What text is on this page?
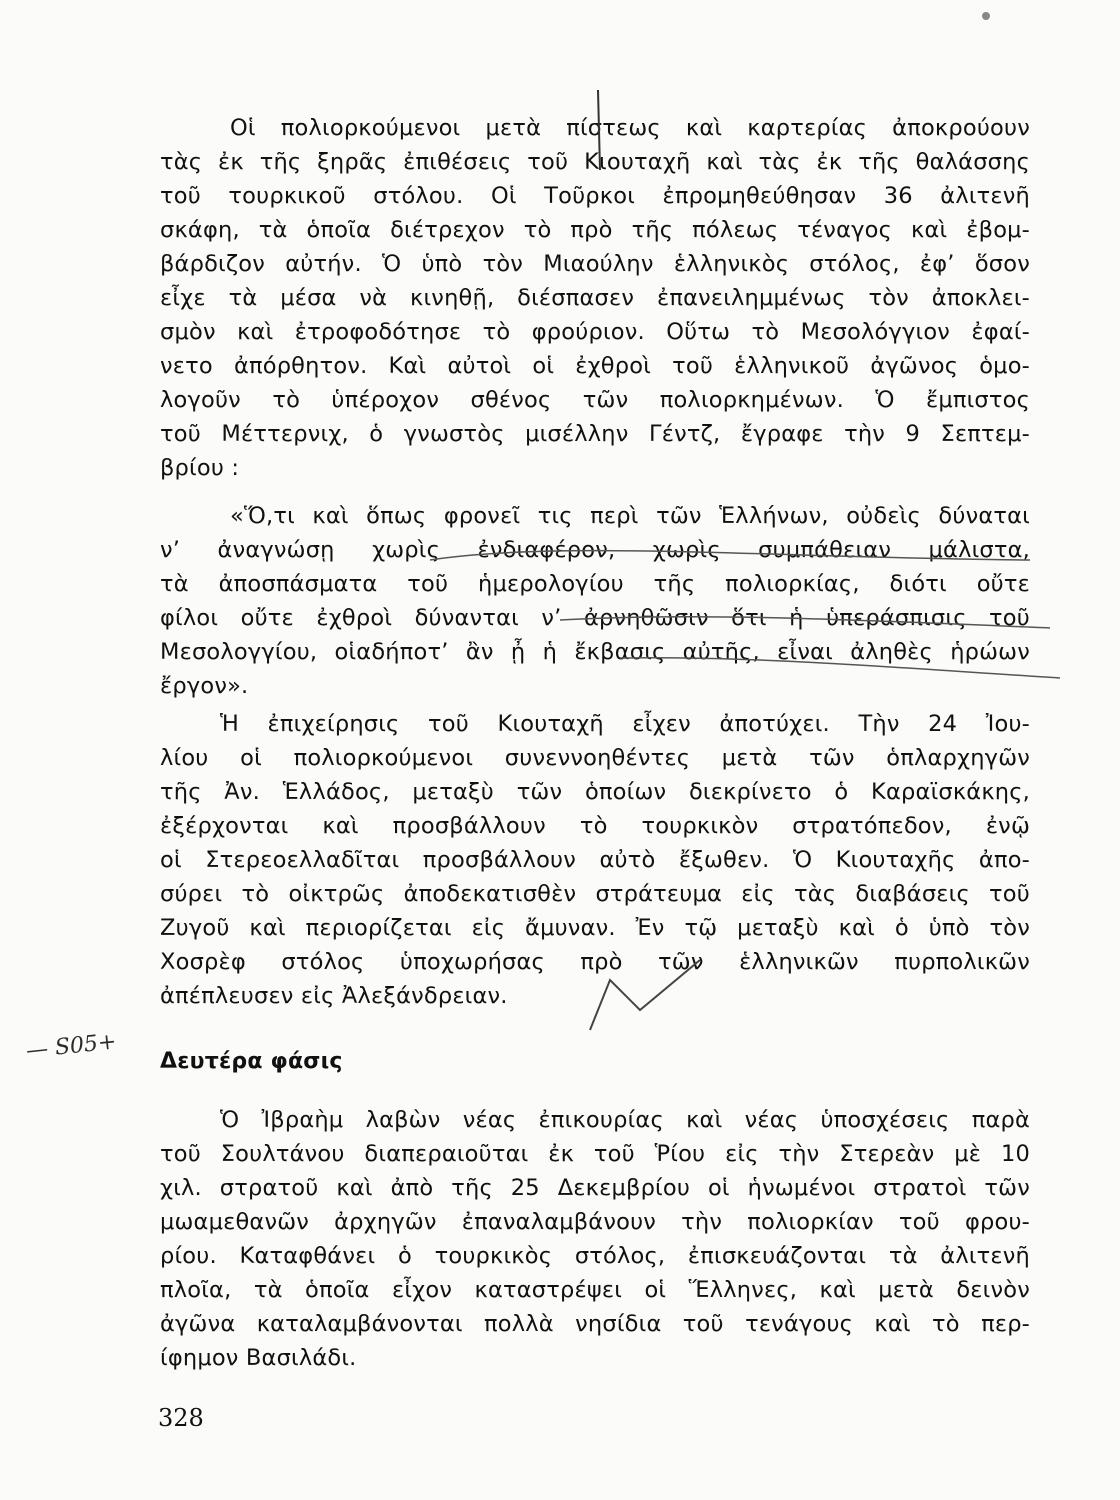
Οἱ πολιορκούμενοι μετὰ πίστεως καὶ καρτερίας ἀποκρούουν
τὰς ἐκ τῆς ξηρᾶς ἐπιθέσεις τοῦ Κιουταχῆ καὶ τὰς ἐκ τῆς θαλάσσης
τοῦ τουρκικοῦ στόλου. Οἱ Τοῦρκοι ἐπρομηθεύθησαν 36 ἀλιτενῆ
σκάφη, τὰ ὁποῖα διέτρεχον τὸ πρὸ τῆς πόλεως τέναγος καὶ ἐβομ-
βάρδιζον αὐτήν. Ὁ ὑπὸ τὸν Μιαούλην ἑλληνικὸς στόλος, ἐφ’ ὅσον
εἶχε τὰ μέσα νὰ κινηθῇ, διέσπασεν ἐπανειλημμένως τὸν ἀποκλει-
σμὸν καὶ ἐτροφοδότησε τὸ φρούριον. Οὕτω τὸ Μεσολόγγιον ἐφαί-
νετο ἀπόρθητον. Καὶ αὐτοὶ οἱ ἐχθροὶ τοῦ ἑλληνικοῦ ἀγῶνος ὁμο-
λογοῦν τὸ ὑπέροχον σθένος τῶν πολιορκημένων. Ὁ ἔμπιστος
τοῦ Μέττερνιχ, ὁ γνωστὸς μισέλλην Γέντζ, ἔγραφε τὴν 9 Σεπτεμ-
βρίου :
«Ὅ,τι καὶ ὅπως φρονεῖ τις περὶ τῶν Ἑλλήνων, οὐδεὶς δύναται
ν’ ἀναγνώσῃ χωρὶς ἐνδιαφέρον, χωρὶς συμπάθειαν μάλιστα,
τὰ ἀποσπάσματα τοῦ ἡμερολογίου τῆς πολιορκίας, διότι οὔτε
φίλοι οὔτε ἐχθροὶ δύνανται ν’ ἀρνηθῶσιν ὅτι ἡ ὑπεράσπισις τοῦ
Μεσολογγίου, οἱαδήποτ’ ἂν ᾖ ἡ ἔκβασις αὐτῆς, εἶναι ἀληθὲς ἡρώων
ἔργον».
Ἡ ἐπιχείρησις τοῦ Κιουταχῆ εἶχεν ἀποτύχει. Τὴν 24 Ἰου-
λίου οἱ πολιορκούμενοι συνεννοηθέντες μετὰ τῶν ὁπλαρχηγῶν
τῆς Ἀν. Ἑλλάδος, μεταξὺ τῶν ὁποίων διεκρίνετο ὁ Καραϊσκάκης,
ἐξέρχονται καὶ προσβάλλουν τὸ τουρκικὸν στρατόπεδον, ἐνῷ
οἱ Στερεοελλαδῖται προσβάλλουν αὐτὸ ἔξωθεν. Ὁ Κιουταχῆς ἀπο-
σύρει τὸ οἰκτρῶς ἀποδεκατισθὲν στράτευμα εἰς τὰς διαβάσεις τοῦ
Ζυγοῦ καὶ περιορίζεται εἰς ἄμυναν. Ἐν τῷ μεταξὺ καὶ ὁ ὑπὸ τὸν
Χοσρὲφ στόλος ὑποχωρήσας πρὸ τῶν ἑλληνικῶν πυρπολικῶν
ἀπέπλευσεν εἰς Ἀλεξάνδρειαν.
Δευτέρα φάσις
Ὁ Ἰβραὴμ λαβὼν νέας ἐπικουρίας καὶ νέας ὑποσχέσεις παρὰ
τοῦ Σουλτάνου διαπεραιοῦται ἐκ τοῦ Ῥίου εἰς τὴν Στερεὰν μὲ 10
χιλ. στρατοῦ καὶ ἀπὸ τῆς 25 Δεκεμβρίου οἱ ἡνωμένοι στρατοὶ τῶν
μωαμεθανῶν ἀρχηγῶν ἐπαναλαμβάνουν τὴν πολιορκίαν τοῦ φρου-
ρίου. Καταφθάνει ὁ τουρκικὸς στόλος, ἐπισκευάζονται τὰ ἀλιτενῆ
πλοῖα, τὰ ὁποῖα εἶχον καταστρέψει οἱ Ἕλληνες, καὶ μετὰ δεινὸν
ἀγῶνα καταλαμβάνονται πολλὰ νησίδια τοῦ τενάγους καὶ τὸ περ-
ίφημον Βασιλάδι.
— S05+
328
